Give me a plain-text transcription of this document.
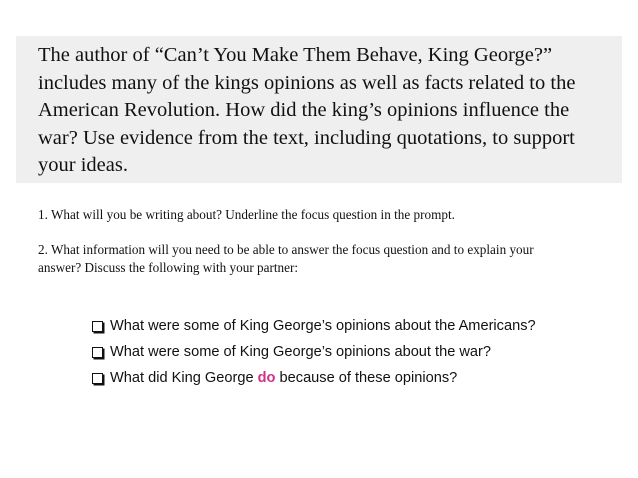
The author of “Can’t You Make Them Behave, King George?” includes many of the kings opinions as well as facts related to the American Revolution. How did the king’s opinions influence the war? Use evidence from the text, including quotations, to support your ideas.

1. What will you be writing about? Underline the focus question in the prompt.

2. What information will you need to be able to answer the focus question and to explain your answer? Discuss the following with your partner:

What were some of King George’s opinions about the Americans?
What were some of King George’s opinions about the war?
What did King George do because of these opinions?
